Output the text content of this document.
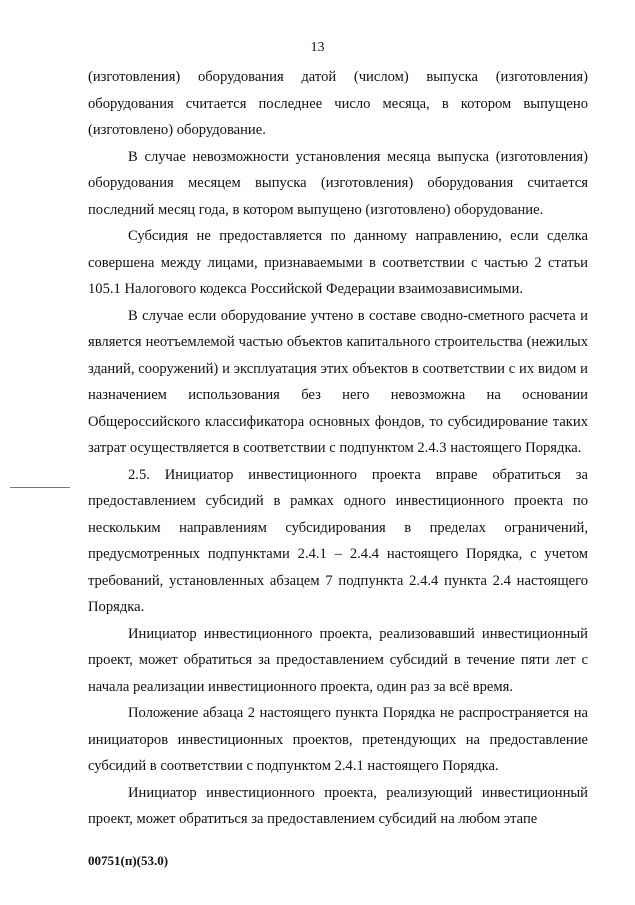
13

(изготовления) оборудования датой (числом) выпуска (изготовления) оборудования считается последнее число месяца, в котором выпущено (изготовлено) оборудование.

В случае невозможности установления месяца выпуска (изготовления) оборудования месяцем выпуска (изготовления) оборудования считается последний месяц года, в котором выпущено (изготовлено) оборудование.

Субсидия не предоставляется по данному направлению, если сделка совершена между лицами, признаваемыми в соответствии с частью 2 статьи 105.1 Налогового кодекса Российской Федерации взаимозависимыми.

В случае если оборудование учтено в составе сводно-сметного расчета и является неотъемлемой частью объектов капитального строительства (нежилых зданий, сооружений) и эксплуатация этих объектов в соответствии с их видом и назначением использования без него невозможна на основании Общероссийского классификатора основных фондов, то субсидирование таких затрат осуществляется в соответствии с подпунктом 2.4.3 настоящего Порядка.

2.5. Инициатор инвестиционного проекта вправе обратиться за предоставлением субсидий в рамках одного инвестиционного проекта по нескольким направлениям субсидирования в пределах ограничений, предусмотренных подпунктами 2.4.1 – 2.4.4 настоящего Порядка, с учетом требований, установленных абзацем 7 подпункта 2.4.4 пункта 2.4 настоящего Порядка.

Инициатор инвестиционного проекта, реализовавший инвестиционный проект, может обратиться за предоставлением субсидий в течение пяти лет с начала реализации инвестиционного проекта, один раз за всё время.

Положение абзаца 2 настоящего пункта Порядка не распространяется на инициаторов инвестиционных проектов, претендующих на предоставление субсидий в соответствии с подпунктом 2.4.1 настоящего Порядка.

Инициатор инвестиционного проекта, реализующий инвестиционный проект, может обратиться за предоставлением субсидий на любом этапе

00751(п)(53.0)
